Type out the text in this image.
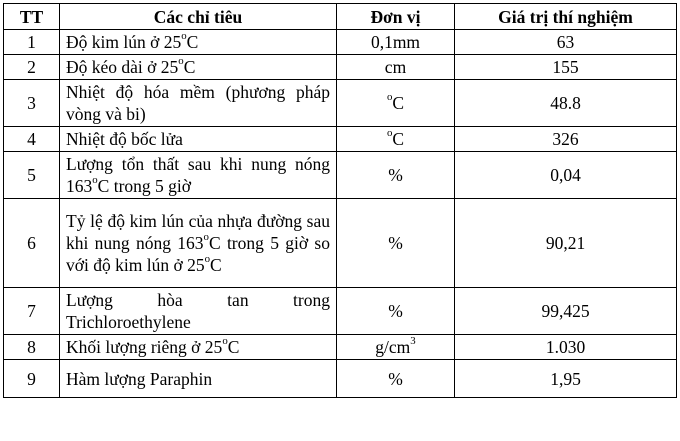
TT	Các chỉ tiêu	Đơn vị	Giá trị thí nghiệm
1	Độ kim lún ở 25$^o$C	0,1mm	63
2	Độ kéo dài ở 25$^o$C	cm	155
3	Nhiệt độ hóa mềm (phương pháp vòng và bi)	$^o$C	48.8
4	Nhiệt độ bốc lửa	$^o$C	326
5	Lượng tổn thất sau khi nung nóng 163$^o$C trong 5 giờ	%	0,04
6	Tỷ lệ độ kim lún của nhựa đường sau khi nung nóng 163$^o$C trong 5 giờ so với độ kim lún ở 25$^o$C	%	90,21
7	Lượng hòa tan trong Trichloroethylene	%	99,425
8	Khối lượng riêng ở 25$^o$C	$g/cm^3$	1.030
9	Hàm lượng Paraphin	%	1,95
